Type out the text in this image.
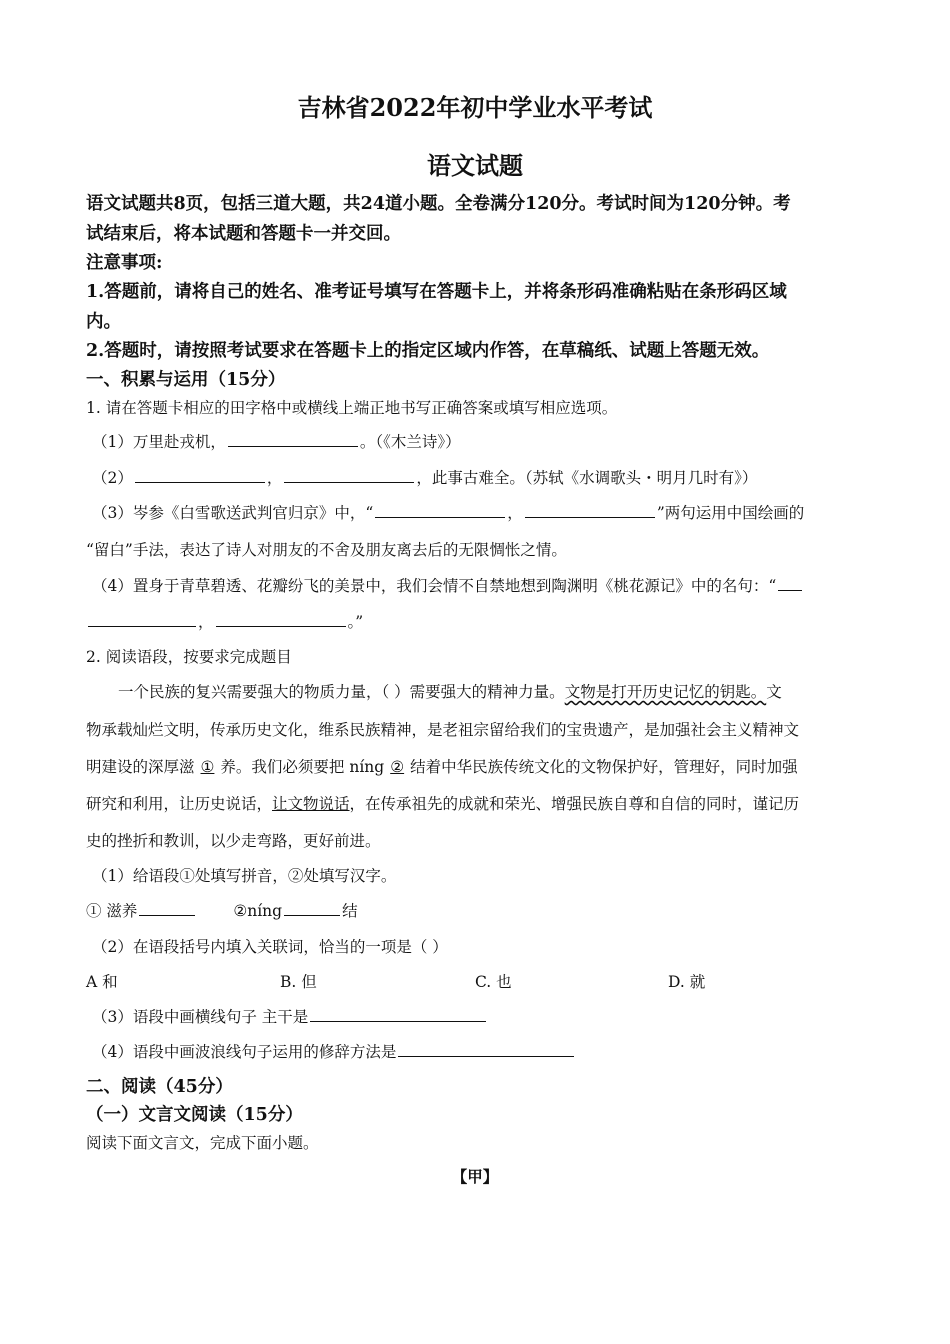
吉林省2022年初中学业水平考试
语文试题
语文试题共8页，包括三道大题，共24道小题。全卷满分120分。考试时间为120分钟。考
试结束后，将本试题和答题卡一并交回。
注意事项:
1.答题前，请将自己的姓名、准考证号填写在答题卡上，并将条形码准确粘贴在条形码区域
内。
2.答题时，请按照考试要求在答题卡上的指定区域内作答，在草稿纸、试题上答题无效。
一、积累与运用（15分）
1. 请在答题卡相应的田字格中或横线上端正地书写正确答案或填写相应选项。
（1）万里赴戎机，	。（《木兰诗》）
（2）	，	，此事古难全。（苏轼《水调歌头・明月几时有》）
（3）岑参《白雪歌送武判官归京》中，“	，	”两句运用中国绘画的
“留白”手法，表达了诗人对朋友的不舍及朋友离去后的无限惆怅之情。
（4）置身于青草碧透、花瓣纷飞的美景中，我们会情不自禁地想到陶渊明《桃花源记》中的名句：“
，	。”
2. 阅读语段，按要求完成题目
一个民族的复兴需要强大的物质力量，（ ）需要强大的精神力量。文物是打开历史记忆的钥匙。文
物承载灿烂文明，传承历史文化，维系民族精神，是老祖宗留给我们的宝贵遗产，是加强社会主义精神文
明建设的深厚滋 ① 养。我们必须要把 níng ② 结着中华民族传统文化的文物保护好，管理好，同时加强
研究和利用，让历史说话，让文物说话，在传承祖先的成就和荣光、增强民族自尊和自信的同时，谨记历
史的挫折和教训，以少走弯路，更好前进。
（1）给语段①处填写拼音，②处填写汉字。
① 滋养	②níng	结
（2）在语段括号内填入关联词，恰当的一项是（ ）
A 和	B. 但	C. 也	D. 就
（3）语段中画横线句子 主干是
（4）语段中画波浪线句子运用的修辞方法是
二、阅读（45分）
（一）文言文阅读（15分）
阅读下面文言文，完成下面小题。
【甲】
